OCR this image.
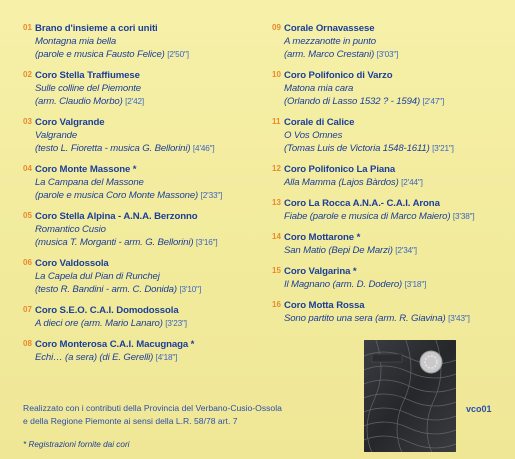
01 Brano d'insieme a cori uniti
Montagna mia bella
(parole e musica Fausto Felice) [2'50"]
02 Coro Stella Traffiumese
Sulle colline del Piemonte
(arm. Claudio Morbo) [2'42]
03 Coro Valgrande
Valgrande
(testo L. Fioretta - musica G. Bellorini) [4'46"]
04 Coro Monte Massone *
La Campana del Massone
(parole e musica Coro Monte Massone) [2'33"]
05 Coro Stella Alpina - A.N.A. Berzonno
Romantico Cusio
(musica T. Morganti - arm. G. Bellorini) [3'16"]
06 Coro Valdossola
La Capela dul Pian di Runchej
(testo R. Bandini - arm. C. Donida) [3'10"]
07 Coro S.E.O. C.A.I. Domodossola
A dieci ore (arm. Mario Lanaro) [3'23"]
08 Coro Monterosa C.A.I. Macugnaga *
Echi… (a sera) (di E. Gerelli) [4'18"]
09 Corale Ornavassese
A mezzanotte in punto
(arm. Marco Crestani) [3'03"]
10 Coro Polifonico di Varzo
Matona mia cara
(Orlando di Lasso 1532 ? - 1594) [2'47"]
11 Corale di Calice
O Vos Omnes
(Tomas Luis de Victoria 1548-1611) [3'21"]
12 Coro Polifonico La Piana
Alla Mamma (Lajos Bàrdos) [2'44"]
13 Coro La Rocca A.N.A.- C.A.I. Arona
Fiabe (parole e musica di Marco Maiero) [3'38"]
14 Coro Mottarone *
San Matio (Bepi De Marzi) [2'34"]
15 Coro Valgarina *
Il Magnano (arm. D. Dodero) [3'18"]
16 Coro Motta Rossa
Sono partito una sera (arm. R. Giavina) [3'43"]
Realizzato con i contributi della Provincia del Verbano-Cusio-Ossola
e della Regione Piemonte ai sensi della L.R. 58/78 art. 7
* Registrazioni fornite dai cori
vco01
